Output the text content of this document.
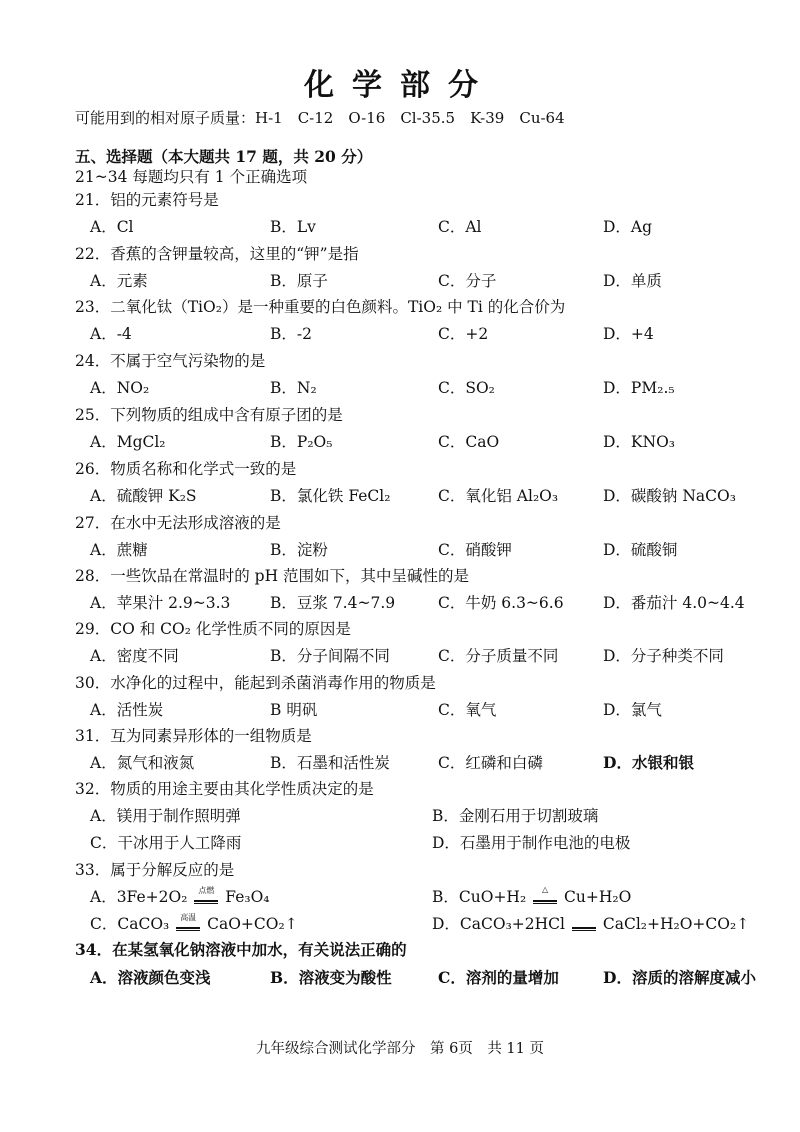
化学部分
可能用到的相对原子质量：H-1　C-12　O-16　Cl-35.5　K-39　Cu-64
五、选择题（本大题共 17 题，共 20 分）
21~34 每题均只有 1 个正确选项
21．铝的元素符号是
A．Cl	B．Lv	C．Al	D．Ag
22．香蕉的含钾量较高，这里的“钾”是指
A．元素	B．原子	C．分子	D．单质
23．二氧化钛（TiO₂）是一种重要的白色颜料。TiO₂ 中 Ti 的化合价为
A．-4	B．-2	C．+2	D．+4
24．不属于空气污染物的是
A．NO₂	B．N₂	C．SO₂	D．PM₂.₅
25．下列物质的组成中含有原子团的是
A．MgCl₂	B．P₂O₅	C．CaO	D．KNO₃
26．物质名称和化学式一致的是
A．硫酸钾 K₂S	B．氯化铁 FeCl₂	C．氧化铝 Al₂O₃	D．碳酸钠 NaCO₃
27．在水中无法形成溶液的是
A．蔗糖	B．淀粉	C．硝酸钾	D．硫酸铜
28．一些饮品在常温时的 pH 范围如下，其中呈碱性的是
A．苹果汁 2.9~3.3	B．豆浆 7.4~7.9	C．牛奶 6.3~6.6	D．番茄汁 4.0~4.4
29．CO 和 CO₂ 化学性质不同的原因是
A．密度不同	B．分子间隔不同	C．分子质量不同	D．分子种类不同
30．水净化的过程中，能起到杀菌消毒作用的物质是
A．活性炭	B 明矾	C．氧气	D．氯气
31．互为同素异形体的一组物质是
A．氮气和液氮	B．石墨和活性炭	C．红磷和白磷	D．水银和银
32．物质的用途主要由其化学性质决定的是
A．镁用于制作照明弹	B．金刚石用于切割玻璃
C．干冰用于人工降雨	D．石墨用于制作电池的电极
33．属于分解反应的是
A．3Fe+2O₂	点燃 Fe₃O₄	B．CuO+H₂	△	Cu+H₂O
C．CaCO₃	高温 CaO+CO₂↑	D．CaCO₃+2HCl CaCl₂+H₂O+CO₂↑
34．在某氢氧化钠溶液中加水，有关说法正确的
A．溶液颜色变浅	B．溶液变为酸性	C．溶剂的量增加	D．溶质的溶解度减小
九年级综合测试化学部分　第 6页　共 11 页
